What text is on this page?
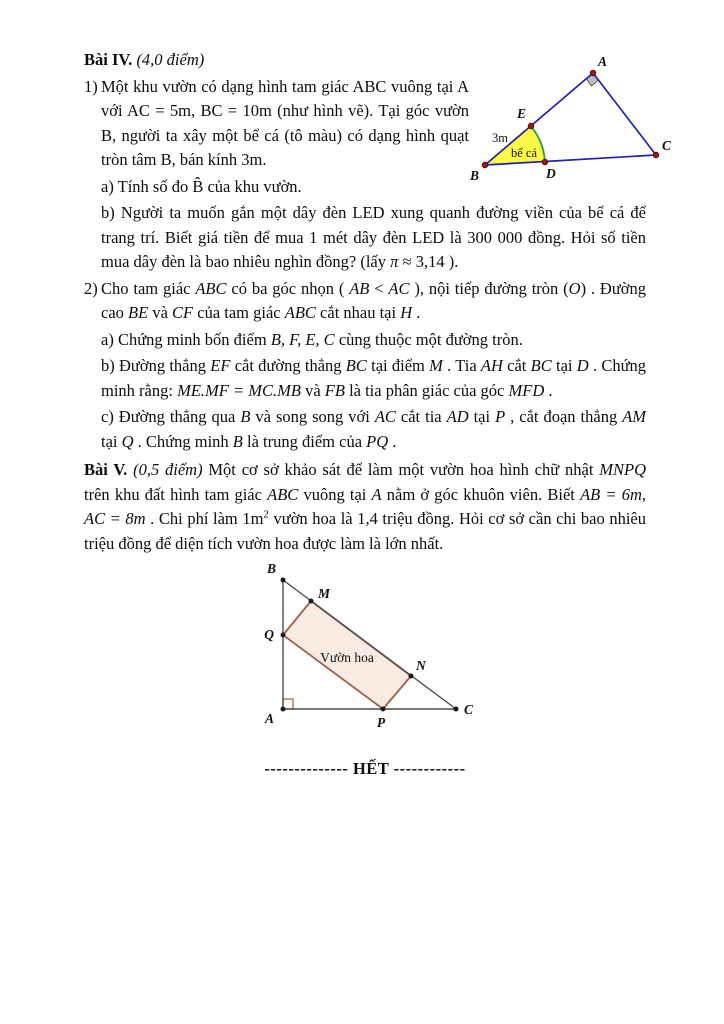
Bài IV. (4,0 điểm)

1) Một khu vườn có dạng hình tam giác ABC vuông tại A với AC = 5m, BC = 10m (như hình vẽ). Tại góc vườn B, người ta xây một bể cá (tô màu) có dạng hình quạt tròn tâm B, bán kính 3m.

a) Tính số đo B̂ của khu vườn.

b) Người ta muốn gắn một dây đèn LED xung quanh đường viền của bể cá để trang trí. Biết giá tiền để mua 1 mét dây đèn LED là 300 000 đồng. Hỏi số tiền mua dây đèn là bao nhiêu nghìn đồng? (lấy π ≈ 3,14 ).

2) Cho tam giác ABC có ba góc nhọn ( AB < AC ), nội tiếp đường tròn (O) . Đường cao BE và CF của tam giác ABC cắt nhau tại H .

a) Chứng minh bốn điểm B, F, E, C cùng thuộc một đường tròn.

b) Đường thẳng EF cắt đường thẳng BC tại điểm M . Tia AH cắt BC tại D . Chứng minh rằng: ME.MF = MC.MB và FB là tia phân giác của góc MFD .

c) Đường thẳng qua B và song song với AC cắt tia AD tại P , cắt đoạn thẳng AM tại Q . Chứng minh B là trung điểm của PQ .

Bài V. (0,5 điểm) Một cơ sở khảo sát để làm một vườn hoa hình chữ nhật MNPQ trên khu đất hình tam giác ABC vuông tại A nằm ở góc khuôn viên. Biết AB = 6m, AC = 8m . Chi phí làm $1m^2$ vườn hoa là 1,4 triệu đồng. Hỏi cơ sở cần chi bao nhiêu triệu đồng để diện tích vườn hoa được làm là lớn nhất.

B
M
Q
N
A	P
C
Vườn hoa

-------------- HẾT ------------

A
E
B	D
C
3m
bể cá
